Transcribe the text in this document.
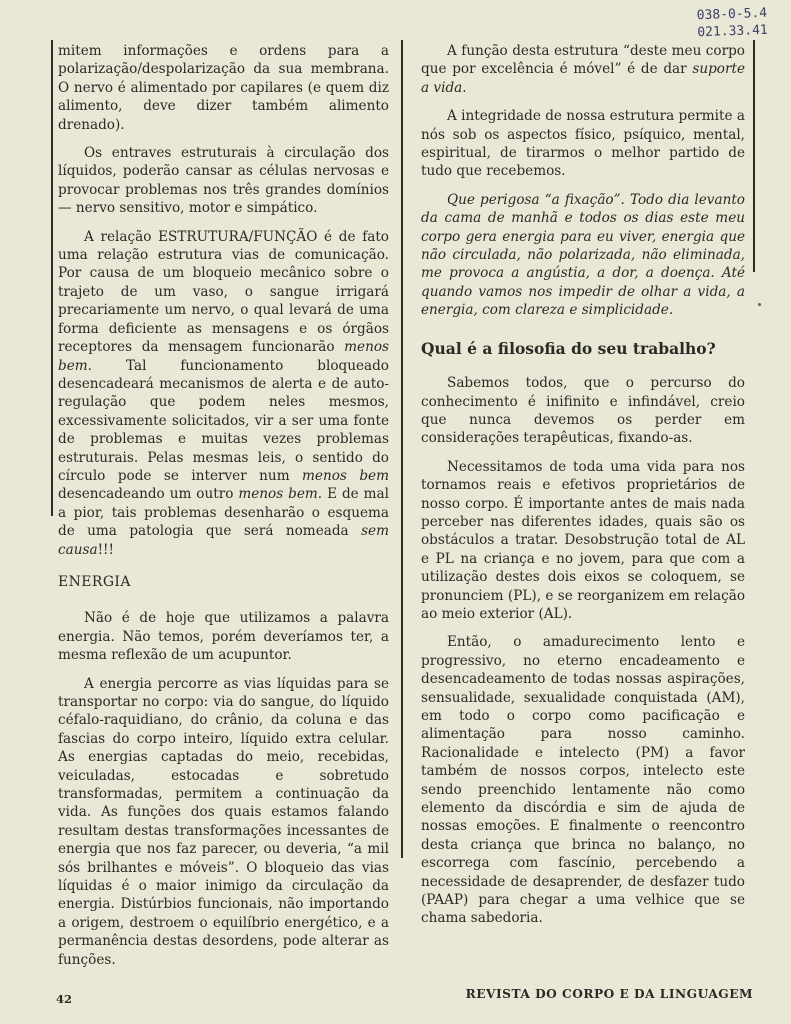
038-0-5.4
021.33.41

mitem informações e ordens para a polarização/despolarização da sua membrana. O nervo é alimentado por capilares (e quem diz alimento, deve dizer também alimento drenado).

Os entraves estruturais à circulação dos líquidos, poderão cansar as células nervosas e provocar problemas nos três grandes domínios — nervo sensitivo, motor e simpático.

A relação ESTRUTURA/FUNÇÃO é de fato uma relação estrutura vias de comunicação. Por causa de um bloqueio mecânico sobre o trajeto de um vaso, o sangue irrigará precariamente um nervo, o qual levará de uma forma deficiente as mensagens e os órgãos receptores da mensagem funcionarão menos bem. Tal funcionamento bloqueado desencadeará mecanismos de alerta e de auto-regulação que podem neles mesmos, excessivamente solicitados, vir a ser uma fonte de problemas e muitas vezes problemas estruturais. Pelas mesmas leis, o sentido do círculo pode se interver num menos bem desencadeando um outro menos bem. E de mal a pior, tais problemas desenharão o esquema de uma patologia que será nomeada sem causa!!!

ENERGIA

Não é de hoje que utilizamos a palavra energia. Não temos, porém deveríamos ter, a mesma reflexão de um acupuntor.

A energia percorre as vias líquidas para se transportar no corpo: via do sangue, do líquido céfalo-raquidiano, do crânio, da coluna e das fascias do corpo inteiro, líquido extra celular. As energias captadas do meio, recebidas, veiculadas, estocadas e sobretudo transformadas, permitem a continuação da vida. As funções dos quais estamos falando resultam destas transformações incessantes de energia que nos faz parecer, ou deveria, “a mil sós brilhantes e móveis”. O bloqueio das vias líquidas é o maior inimigo da circulação da energia. Distúrbios funcionais, não importando a origem, destroem o equilíbrio energético, e a permanência destas desordens, pode alterar as funções.

A função desta estrutura “deste meu corpo que por excelência é móvel” é de dar suporte a vida.

A integridade de nossa estrutura permite a nós sob os aspectos físico, psíquico, mental, espiritual, de tirarmos o melhor partido de tudo que recebemos.

Que perigosa “a fixação”. Todo dia levanto da cama de manhã e todos os dias este meu corpo gera energia para eu viver, energia que não circulada, não polarizada, não eliminada, me provoca a angústia, a dor, a doença. Até quando vamos nos impedir de olhar a vida, a energia, com clareza e simplicidade.

Qual é a filosofia do seu trabalho?

Sabemos todos, que o percurso do conhecimento é inifinito e infindável, creio que nunca devemos os perder em considerações terapêuticas, fixando-as.

Necessitamos de toda uma vida para nos tornamos reais e efetivos proprietários de nosso corpo. É importante antes de mais nada perceber nas diferentes idades, quais são os obstáculos a tratar. Desobstrução total de AL e PL na criança e no jovem, para que com a utilização destes dois eixos se coloquem, se pronunciem (PL), e se reorganizem em relação ao meio exterior (AL).

Então, o amadurecimento lento e progressivo, no eterno encadeamento e desencadeamento de todas nossas aspirações, sensualidade, sexualidade conquistada (AM), em todo o corpo como pacificação e alimentação para nosso caminho. Racionalidade e intelecto (PM) a favor também de nossos corpos, intelecto este sendo preenchido lentamente não como elemento da discórdia e sim de ajuda de nossas emoções. E finalmente o reencontro desta criança que brinca no balanço, no escorrega com fascínio, percebendo a necessidade de desaprender, de desfazer tudo (PAAP) para chegar a uma velhice que se chama sabedoria.

42	REVISTA DO CORPO E DA LINGUAGEM
